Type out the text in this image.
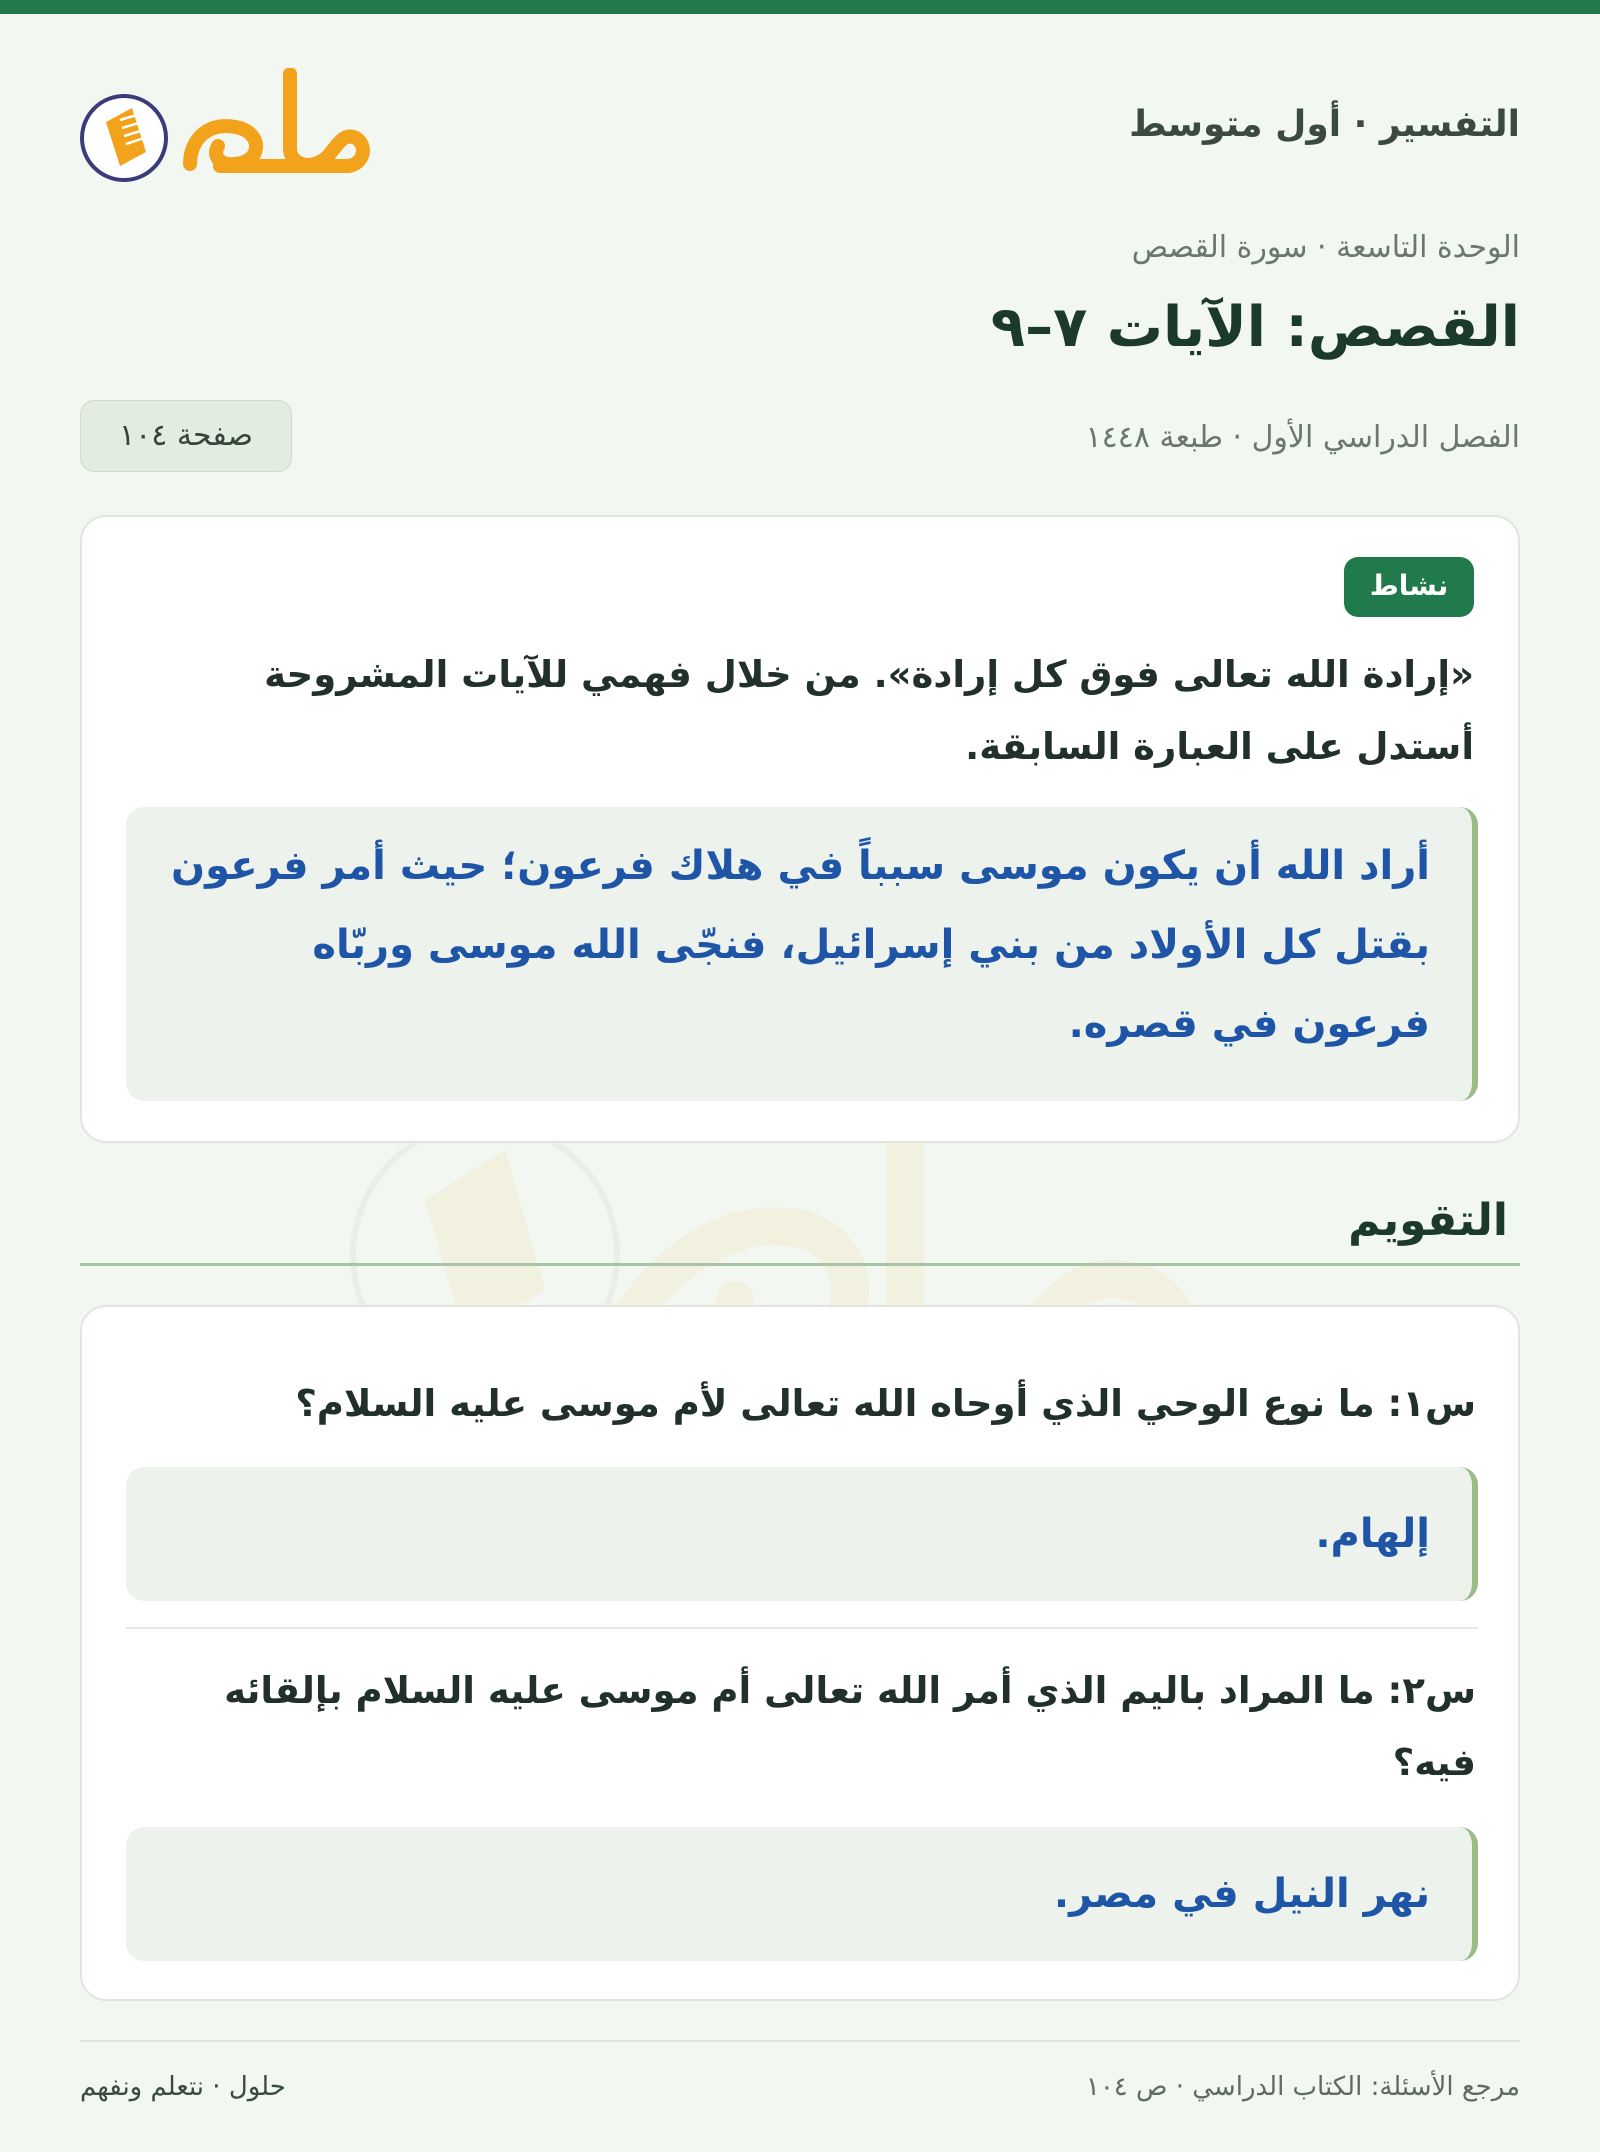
التفسير · أول متوسط
الوحدة التاسعة · سورة القصص
القصص: الآيات ٧–٩
الفصل الدراسي الأول · طبعة ١٤٤٨
صفحة ١٠٤
نشاط

«إرادة الله تعالى فوق كل إرادة». من خلال فهمي للآيات المشروحة أستدل على العبارة السابقة.

أراد الله أن يكون موسى سبباً في هلاك فرعون؛ حيث أمر فرعون بقتل كل الأولاد من بني إسرائيل، فنجّى الله موسى وربّاه فرعون في قصره.
التقويم
إلهام.
نهر النيل في مصر.

س١: ما نوع الوحي الذي أوحاه الله تعالى لأم موسى عليه السلام؟

س٢: ما المراد باليم الذي أمر الله تعالى أم موسى عليه السلام بإلقائه فيه؟

مرجع الأسئلة: الكتاب الدراسي · ص ١٠٤
حلول · نتعلم ونفهم
